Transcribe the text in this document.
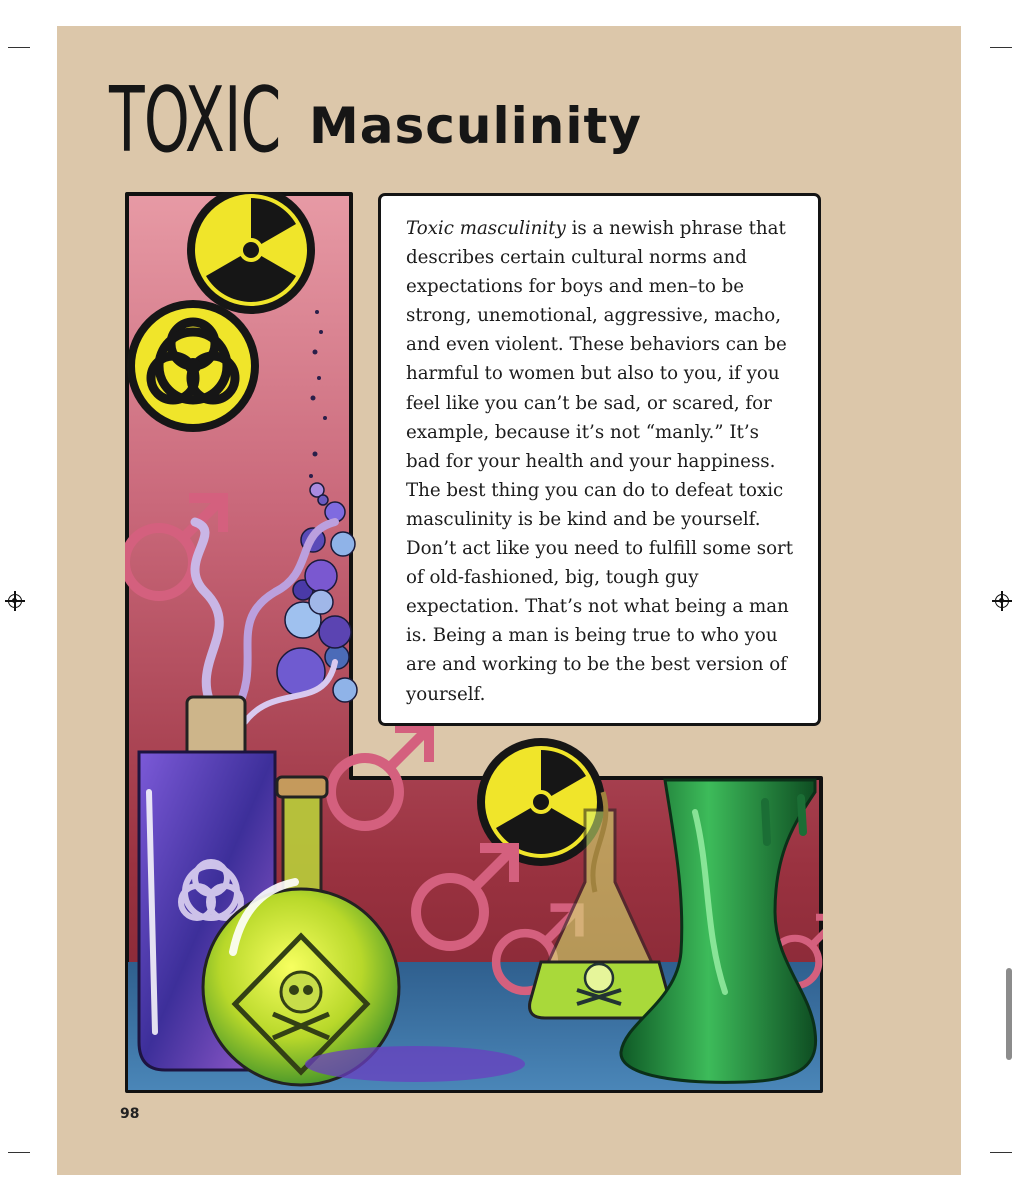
TOXIC Masculinity

Toxic masculinity is a newish phrase that describes certain cultural norms and expectations for boys and men–to be strong, unemotional, aggressive, macho, and even violent. These behaviors can be harmful to women but also to you, if you feel like you can’t be sad, or scared, for example, because it’s not “manly.” It’s bad for your health and your happiness. The best thing you can do to defeat toxic masculinity is be kind and be yourself. Don’t act like you need to fulfill some sort of old-fashioned, big, tough guy expectation. That’s not what being a man is. Being a man is being true to who you are and working to be the best version of yourself.

98
